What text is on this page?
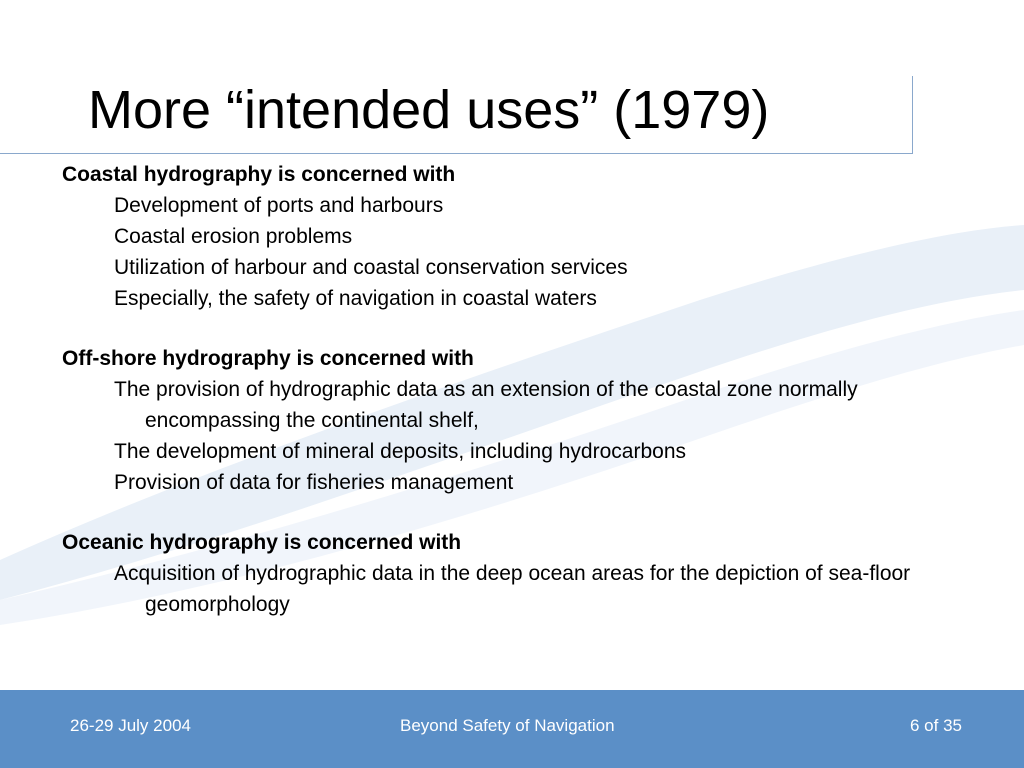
More “intended uses” (1979)
Coastal hydrography is concerned with
Development of ports and harbours
Coastal erosion problems
Utilization of harbour and coastal conservation services
Especially, the safety of navigation in coastal waters
Off-shore hydrography is concerned with
The provision of hydrographic data as an extension of the coastal zone normally encompassing the continental shelf,
The development of mineral deposits, including hydrocarbons
Provision of data for fisheries management
Oceanic hydrography is concerned with
Acquisition of hydrographic data in the deep ocean areas for the depiction of sea-floor geomorphology
26-29 July 2004	Beyond Safety of Navigation	6 of 35
